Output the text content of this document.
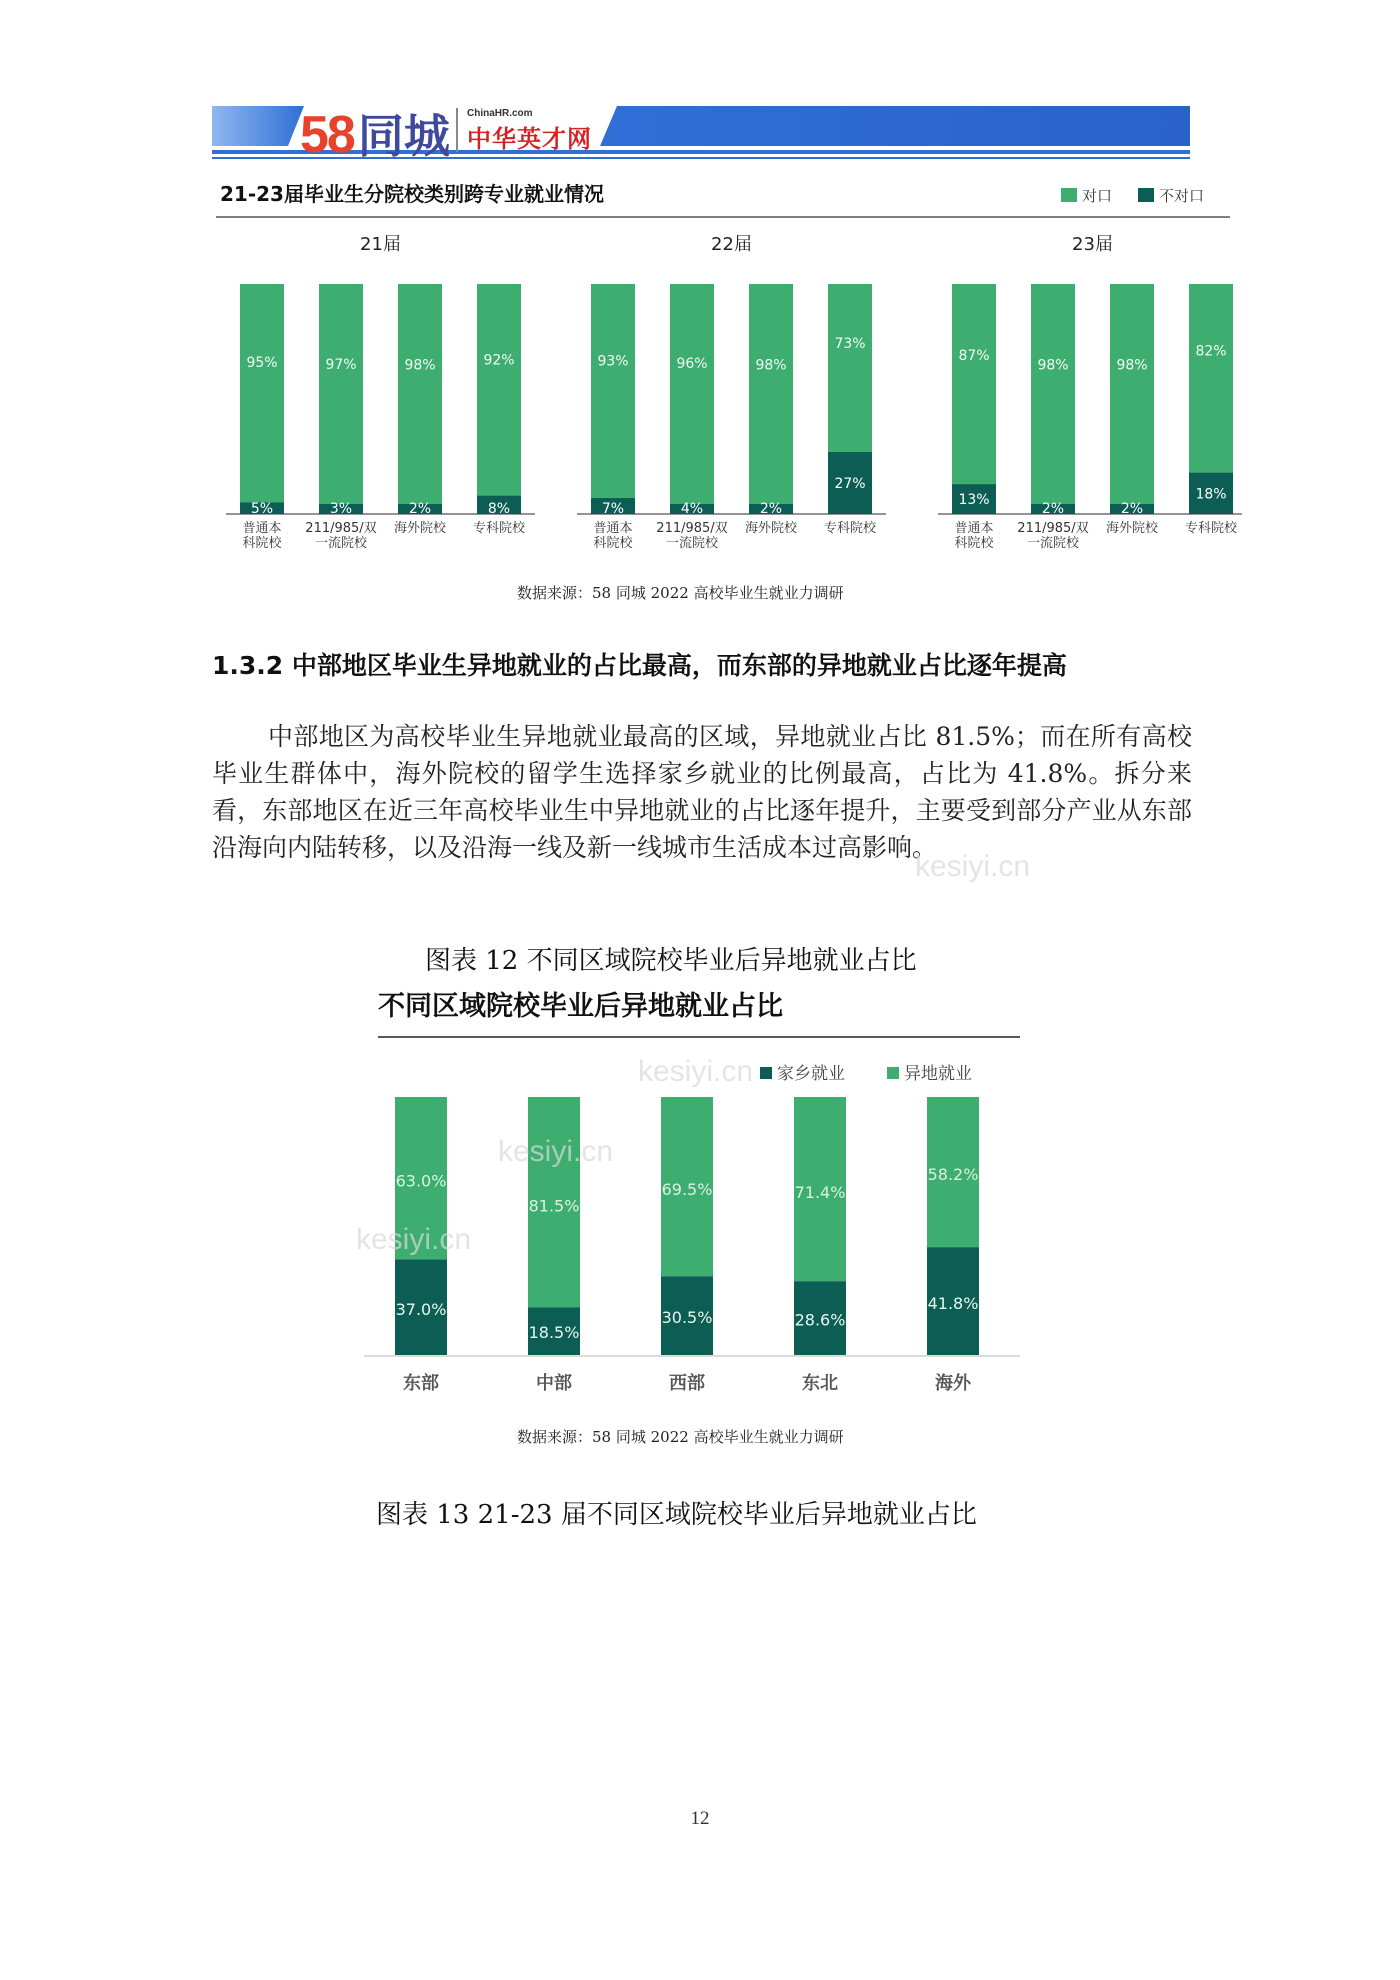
58同城 ChinaHR.com
中华英才网
21-23届毕业生分院校类别跨专业就业情况	对口	不对口
21届
95%
5%
普通本
科院校
97%
3%
211/985/双
一流院校
98%
2%
海外院校
92%
8%
专科院校
22届
93%
7%
普通本
科院校
96%
4%
211/985/双
一流院校
98%
2%
海外院校
73%
27%
专科院校
23届
87%
13%
普通本
科院校
98%
2%
211/985/双
一流院校
98%
2%
海外院校
82%
18%
专科院校
数据来源：58 同城 2022 高校毕业生就业力调研
1.3.2 中部地区毕业生异地就业的占比最高，而东部的异地就业占比逐年提高
中部地区为高校毕业生异地就业最高的区域，异地就业占比 81.5%；而在所有高校毕业生群体中，海外院校的留学生选择家乡就业的比例最高，占比为 41.8%。拆分来看，东部地区在近三年高校毕业生中异地就业的占比逐年提升，主要受到部分产业从东部沿海向内陆转移，以及沿海一线及新一线城市生活成本过高影响。
图表 12 不同区域院校毕业后异地就业占比
不同区域院校毕业后异地就业占比
家乡就业	异地就业
63.0%
37.0%
东部
81.5%
18.5%
中部
69.5%
30.5%
西部
71.4%
28.6%
东北
58.2%
41.8%
海外
数据来源：58 同城 2022 高校毕业生就业力调研
图表 13 21-23 届不同区域院校毕业后异地就业占比
kesiyi.cn
kesiyi.cn
kesiyi.cn
kesiyi.cn
12
